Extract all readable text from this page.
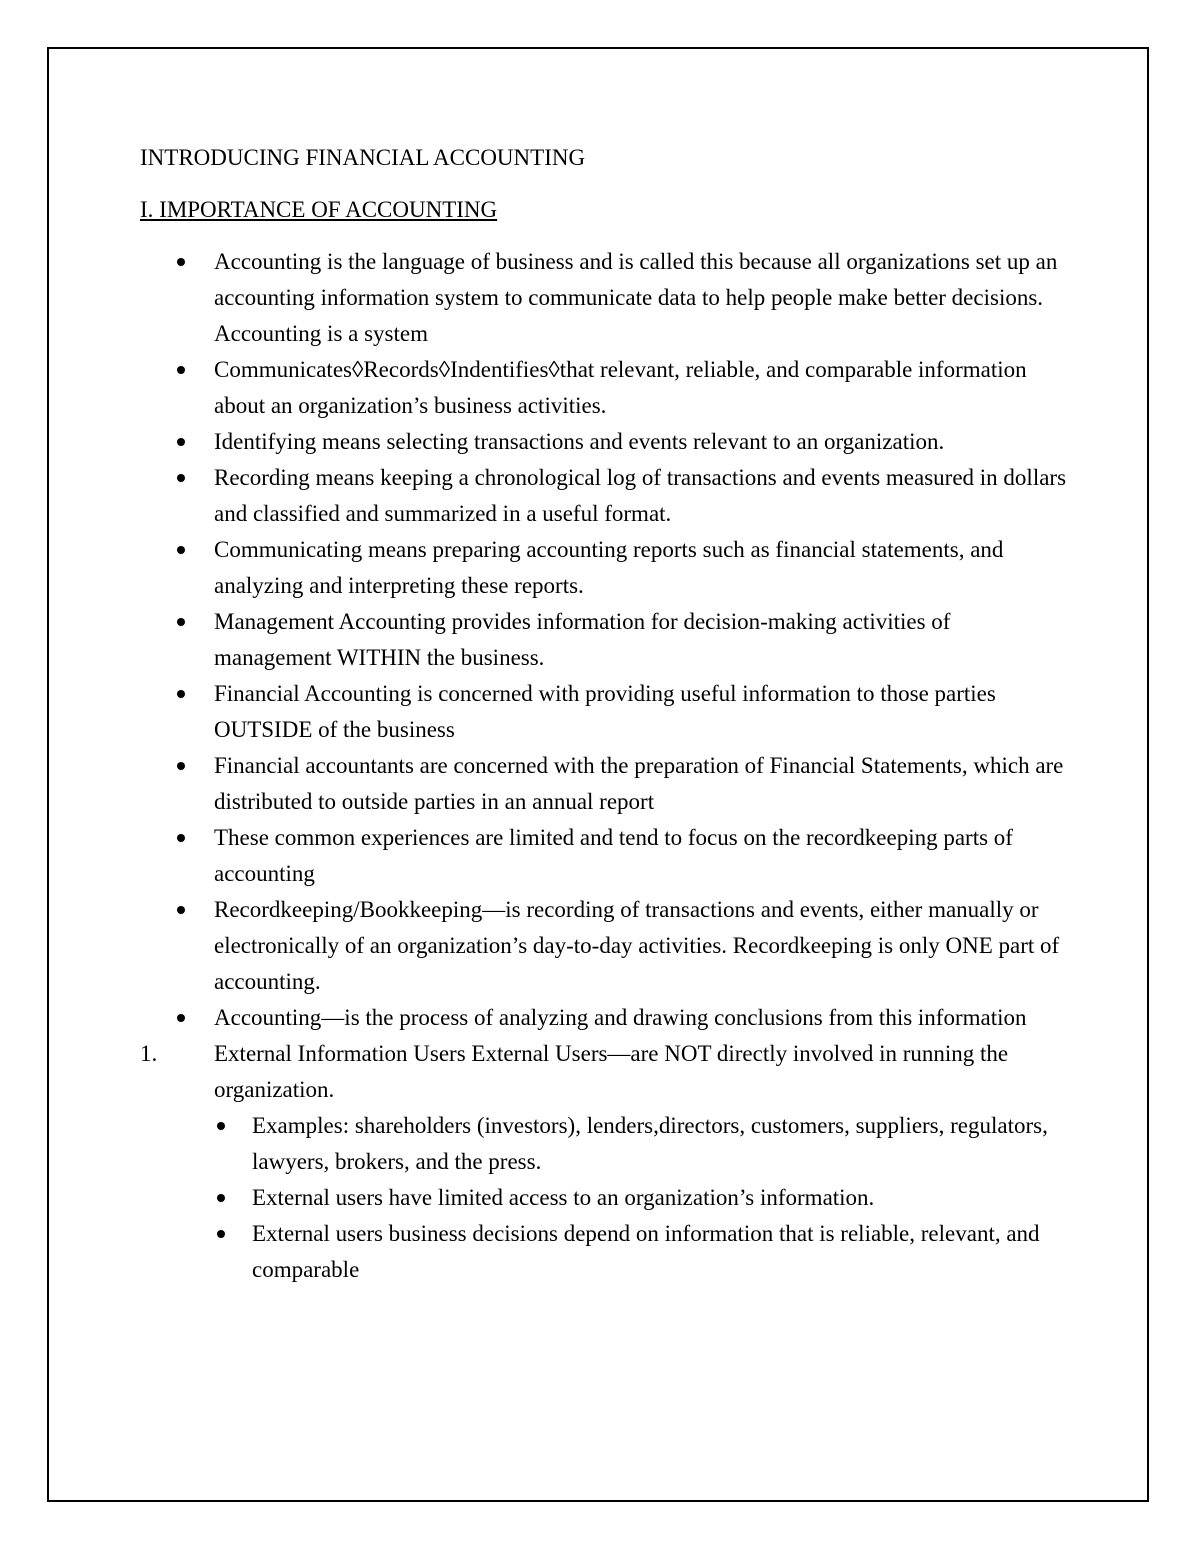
INTRODUCING FINANCIAL ACCOUNTING
I. IMPORTANCE OF ACCOUNTING
Accounting is the language of business and is called this because all organizations set up an accounting information system to communicate data to help people make better decisions. Accounting is a system
Communicates◊Records◊Indentifies◊that relevant, reliable, and comparable information about an organization’s business activities.
Identifying means selecting transactions and events relevant to an organization.
Recording means keeping a chronological log of transactions and events measured in dollars and classified and summarized in a useful format.
Communicating means preparing accounting reports such as financial statements, and analyzing and interpreting these reports.
Management Accounting provides information for decision-making activities of management WITHIN the business.
Financial Accounting is concerned with providing useful information to those parties OUTSIDE of the business
Financial accountants are concerned with the preparation of Financial Statements, which are distributed to outside parties in an annual report
These common experiences are limited and tend to focus on the recordkeeping parts of accounting
Recordkeeping/Bookkeeping—is recording of transactions and events, either manually or electronically of an organization’s day-to-day activities. Recordkeeping is only ONE part of accounting.
Accounting—is the process of analyzing and drawing conclusions from this information
1. External Information Users External Users—are NOT directly involved in running the organization.
Examples: shareholders (investors), lenders,directors, customers, suppliers, regulators, lawyers, brokers, and the press.
External users have limited access to an organization’s information.
External users business decisions depend on information that is reliable, relevant, and comparable
